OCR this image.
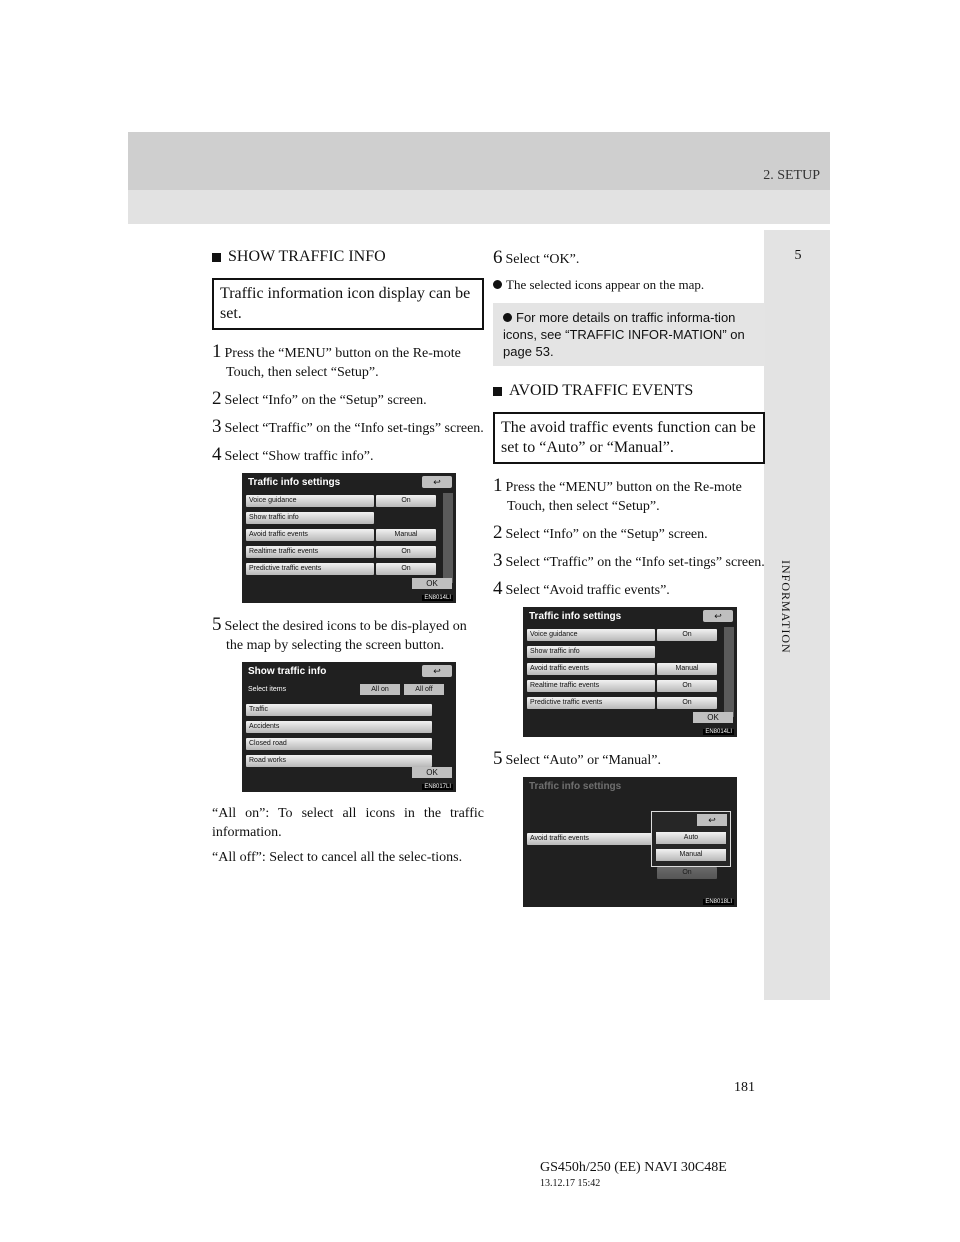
2. SETUP
5
INFORMATION
SHOW TRAFFIC INFO
Traffic information icon display can be set.
1 Press the “MENU” button on the Re-mote Touch, then select “Setup”.
2 Select “Info” on the “Setup” screen.
3 Select “Traffic” on the “Info set-tings” screen.
4 Select “Show traffic info”.
Traffic info settings	↩
Voice guidance	On
Show traffic info
Avoid traffic events	Manual
Realtime traffic events	On
Predictive traffic events	On
OK
EN8014LI
5 Select the desired icons to be dis-played on the map by selecting the screen button.
Show traffic info	↩
Select items	All on	All off
Traffic
Accidents
Closed road
Road works
OK
EN8017LI
“All on”: To select all icons in the traffic information.
“All off”: Select to cancel all the selec-tions.
6 Select “OK”.
The selected icons appear on the map.
For more details on traffic informa-tion icons, see “TRAFFIC INFOR-MATION” on page 53.
AVOID TRAFFIC EVENTS
The avoid traffic events function can be
set to “Auto” or “Manual”.
1 Press the “MENU” button on the Re-mote Touch, then select “Setup”.
2 Select “Info” on the “Setup” screen.
3 Select “Traffic” on the “Info set-tings” screen.
4 Select “Avoid traffic events”.
Traffic info settings	↩
Voice guidance	On
Show traffic info
Avoid traffic events	Manual
Realtime traffic events	On
Predictive traffic events	On
OK
EN8014LI
5 Select “Auto” or “Manual”.
Traffic info settings
Avoid traffic events
↩
Auto
Manual
On
EN8018LI
181
GS450h/250 (EE) NAVI 30C48E
13.12.17 15:42
